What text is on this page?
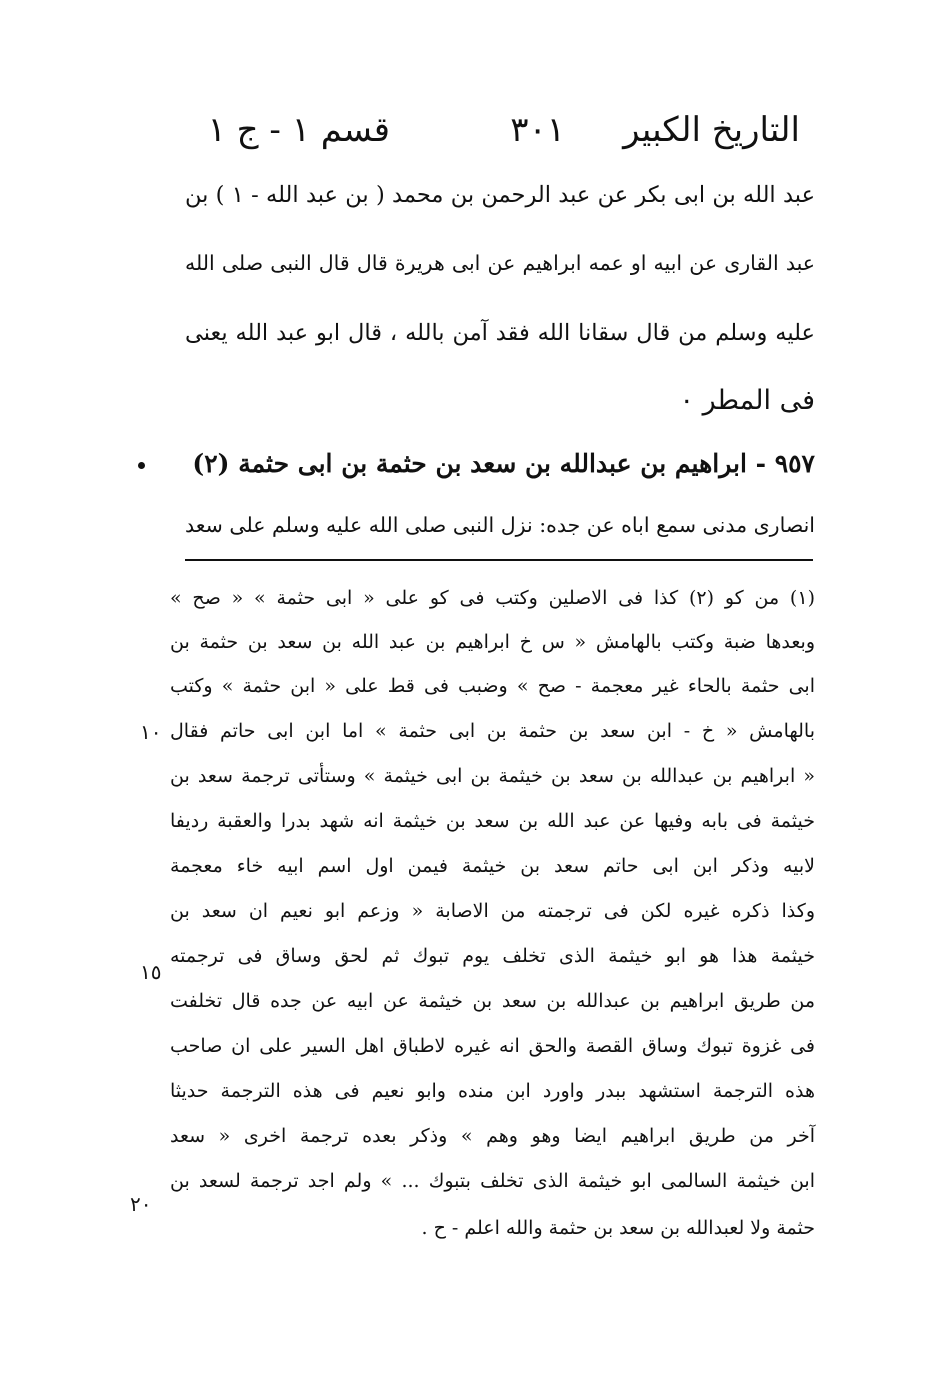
التاريخ الكبير
٣٠١
قسم ١ - ج ١
عبد الله بن ابى بكر عن عبد الرحمن بن محمد ( بن عبد الله - ١ ) بن
عبد القارى عن ابيه او عمه ابراهيم عن ابى هريرة قال قال النبى صلى الله
عليه وسلم من قال سقانا الله فقد آمن بالله ، قال ابو عبد الله يعنى
فى المطر ٠
٩٥٧ - ابراهيم بن عبدالله بن سعد بن حثمة بن ابى حثمة (٢)
انصارى مدنى سمع اباه عن جده: نزل النبى صلى الله عليه وسلم على سعد
(١) من كو (٢) كذا فى الاصلين وكتب فى كو على « ابى حثمة » « صح »
وبعدها ضبة وكتب بالهامش « س خ ابراهيم بن عبد الله بن سعد بن حثمة بن
ابى حثمة بالحاء غير معجمة - صح » وضبب فى قط على « ابن حثمة » وكتب
بالهامش « خ - ابن سعد بن حثمة بن ابى حثمة » اما ابن ابى حاتم فقال
« ابراهيم بن عبدالله بن سعد بن خيثمة بن ابى خيثمة » وستأتى ترجمة سعد بن
خيثمة فى بابه وفيها عن عبد الله بن سعد بن خيثمة انه شهد بدرا والعقبة رديفا
لابيه وذكر ابن ابى حاتم سعد بن خيثمة فيمن اول اسم ابيه خاء معجمة
وكذا ذكره غيره لكن فى ترجمته من الاصابة « وزعم ابو نعيم ان سعد بن
خيثمة هذا هو ابو خيثمة الذى تخلف يوم تبوك ثم لحق وساق فى ترجمته
من طريق ابراهيم بن عبدالله بن سعد بن خيثمة عن ابيه عن جده قال تخلفت
فى غزوة تبوك وساق القصة والحق انه غيره لاطباق اهل السير على ان صاحب
هذه الترجمة استشهد ببدر واورد ابن منده وابو نعيم فى هذه الترجمة حديثا
آخر من طريق ابراهيم ايضا وهو وهم » وذكر بعده ترجمة اخرى « سعد
ابن خيثمة السالمى ابو خيثمة الذى تخلف بتبوك ... » ولم اجد ترجمة لسعد بن
حثمة ولا لعبدالله بن سعد بن حثمة والله اعلم - ح .
١٠
١٥
٢٠
